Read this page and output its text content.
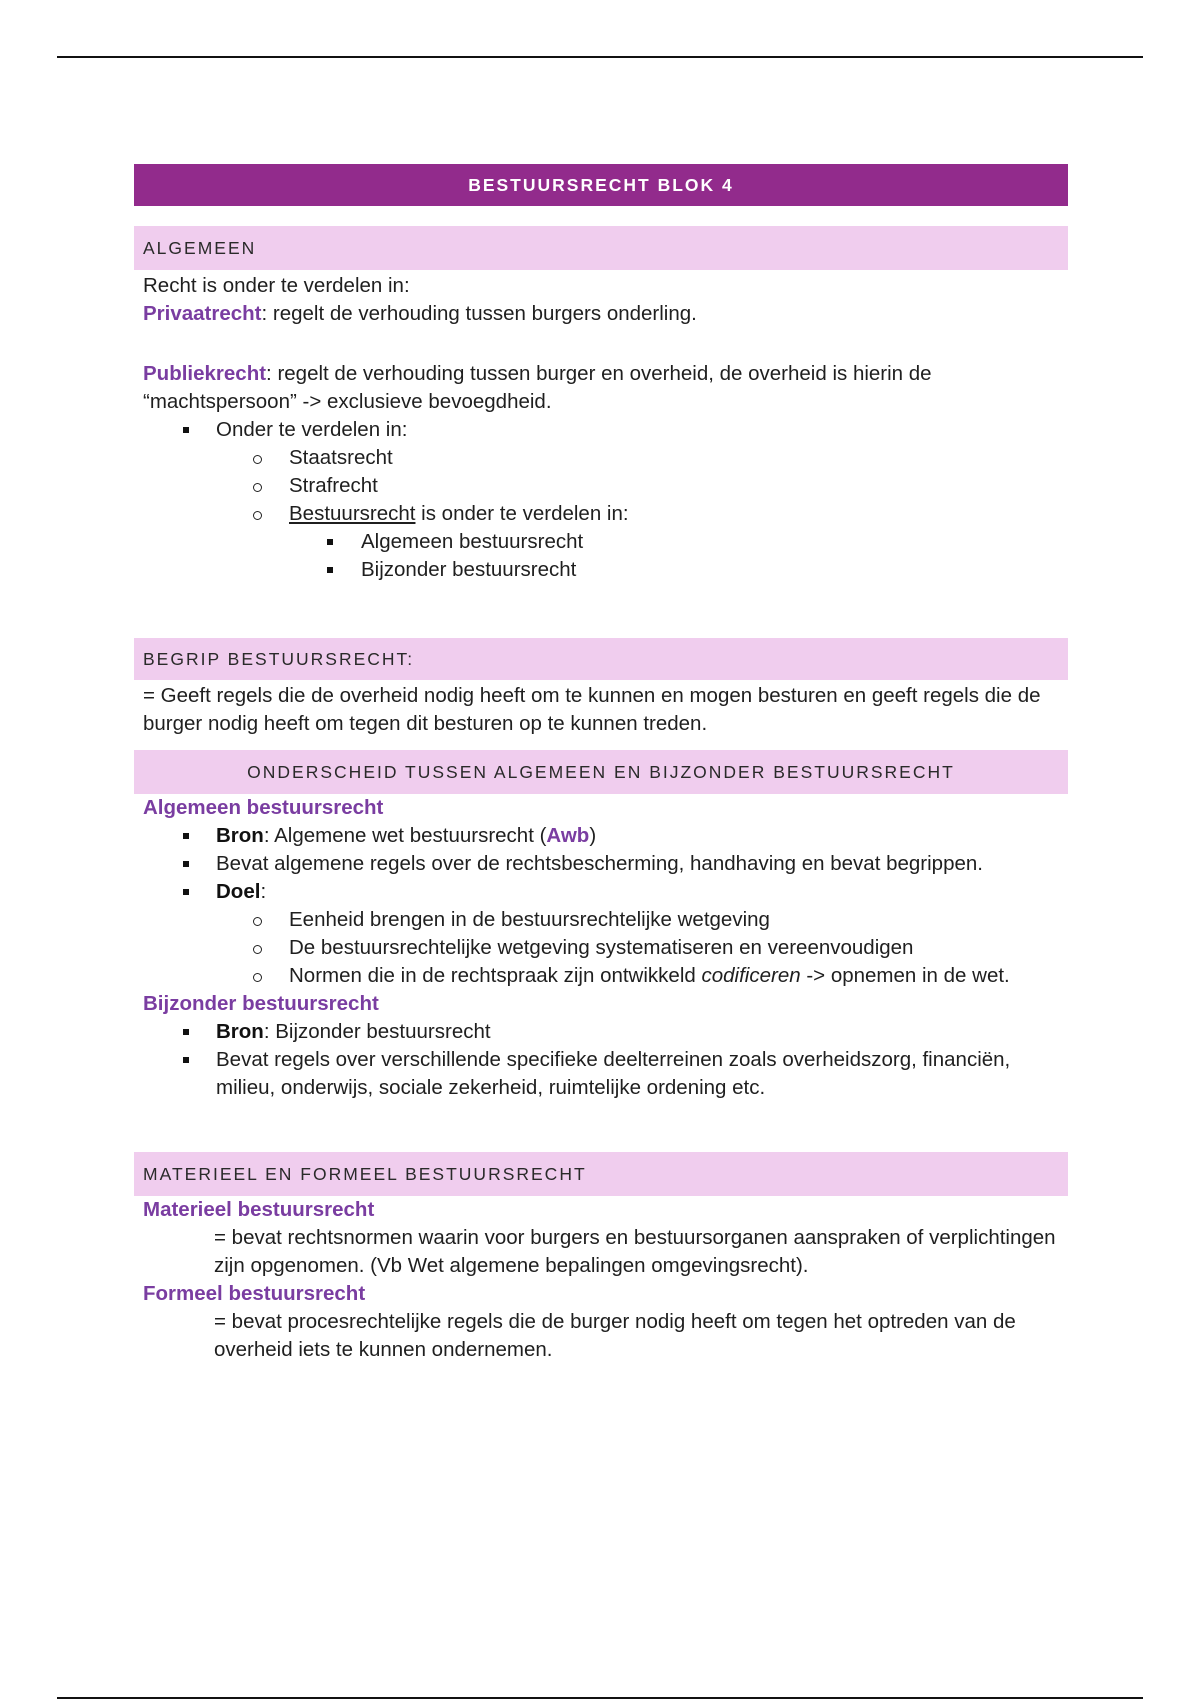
BESTUURSRECHT BLOK 4
ALGEMEEN

Recht is onder te verdelen in:

Privaatrecht: regelt de verhouding tussen burgers onderling.

Publiekrecht: regelt de verhouding tussen burger en overheid, de overheid is hierin de “machtspersoon” -> exclusieve bevoegdheid.

Onder te verdelen in:
Staatsrecht
Strafrecht
Bestuursrecht is onder te verdelen in:
Algemeen bestuursrecht
Bijzonder bestuursrecht
BEGRIP BESTUURSRECHT:

= Geeft regels die de overheid nodig heeft om te kunnen en mogen besturen en geeft regels die de burger nodig heeft om tegen dit besturen op te kunnen treden.

ONDERSCHEID TUSSEN ALGEMEEN EN BIJZONDER BESTUURSRECHT
Algemeen bestuursrecht
Bron: Algemene wet bestuursrecht (Awb)
Bevat algemene regels over de rechtsbescherming, handhaving en bevat begrippen.
Doel:
Eenheid brengen in de bestuursrechtelijke wetgeving
De bestuursrechtelijke wetgeving systematiseren en vereenvoudigen
Normen die in de rechtspraak zijn ontwikkeld codificeren -> opnemen in de wet.
Bijzonder bestuursrecht
Bron: Bijzonder bestuursrecht
Bevat regels over verschillende specifieke deelterreinen zoals overheidszorg, financiën, milieu, onderwijs, sociale zekerheid, ruimtelijke ordening etc.
MATERIEEL EN FORMEEL BESTUURSRECHT
Materieel bestuursrecht

= bevat rechtsnormen waarin voor burgers en bestuursorganen aanspraken of verplichtingen zijn opgenomen. (Vb Wet algemene bepalingen omgevingsrecht).

Formeel bestuursrecht

= bevat procesrechtelijke regels die de burger nodig heeft om tegen het optreden van de overheid iets te kunnen ondernemen.
